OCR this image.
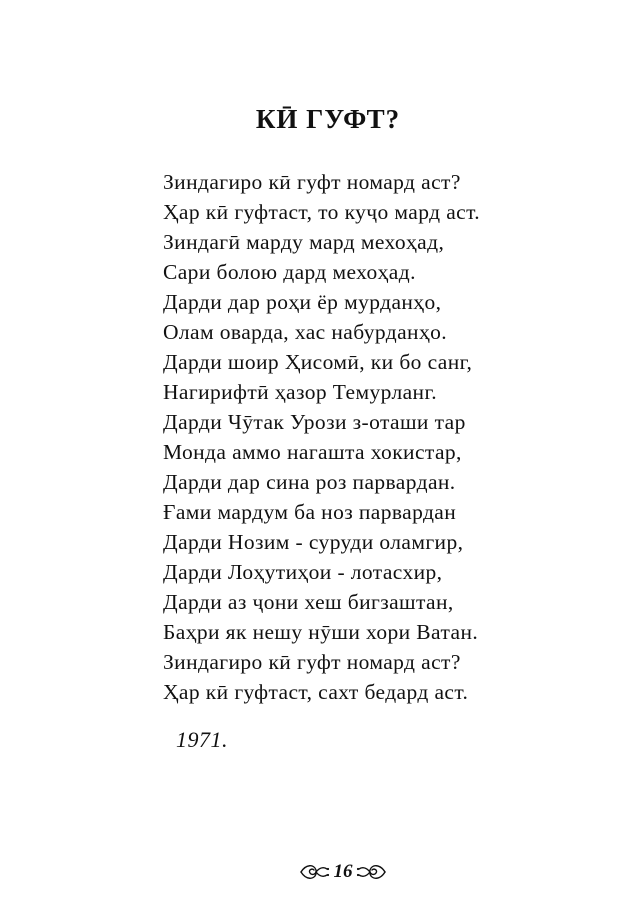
КӢ ГУФТ?
Зиндагиро кӣ гуфт номард аст?
Ҳар кӣ гуфтаст, то куҷо мард аст.
Зиндагӣ марду мард мехоҳад,
Сари болою дард мехоҳад.
Дарди дар роҳи ёр мурданҳо,
Олам оварда, хас набурданҳо.
Дарди шоир Ҳисомӣ, ки бо санг,
Нагирифтӣ ҳазор Темурланг.
Дарди Чӯтак Урози з-оташи тар
Монда аммо нагашта хокистар,
Дарди дар сина роз парвардан.
Ғами мардум ба ноз парвардан
Дарди Нозим - суруди оламгир,
Дарди Лоҳутиҳои - лотасхир,
Дарди аз ҷони хеш бигзаштан,
Баҳри як нешу нӯши хори Ватан.
Зиндагиро кӣ гуфт номард аст?
Ҳар кӣ гуфтаст, сахт бедард аст.
1971.
16
